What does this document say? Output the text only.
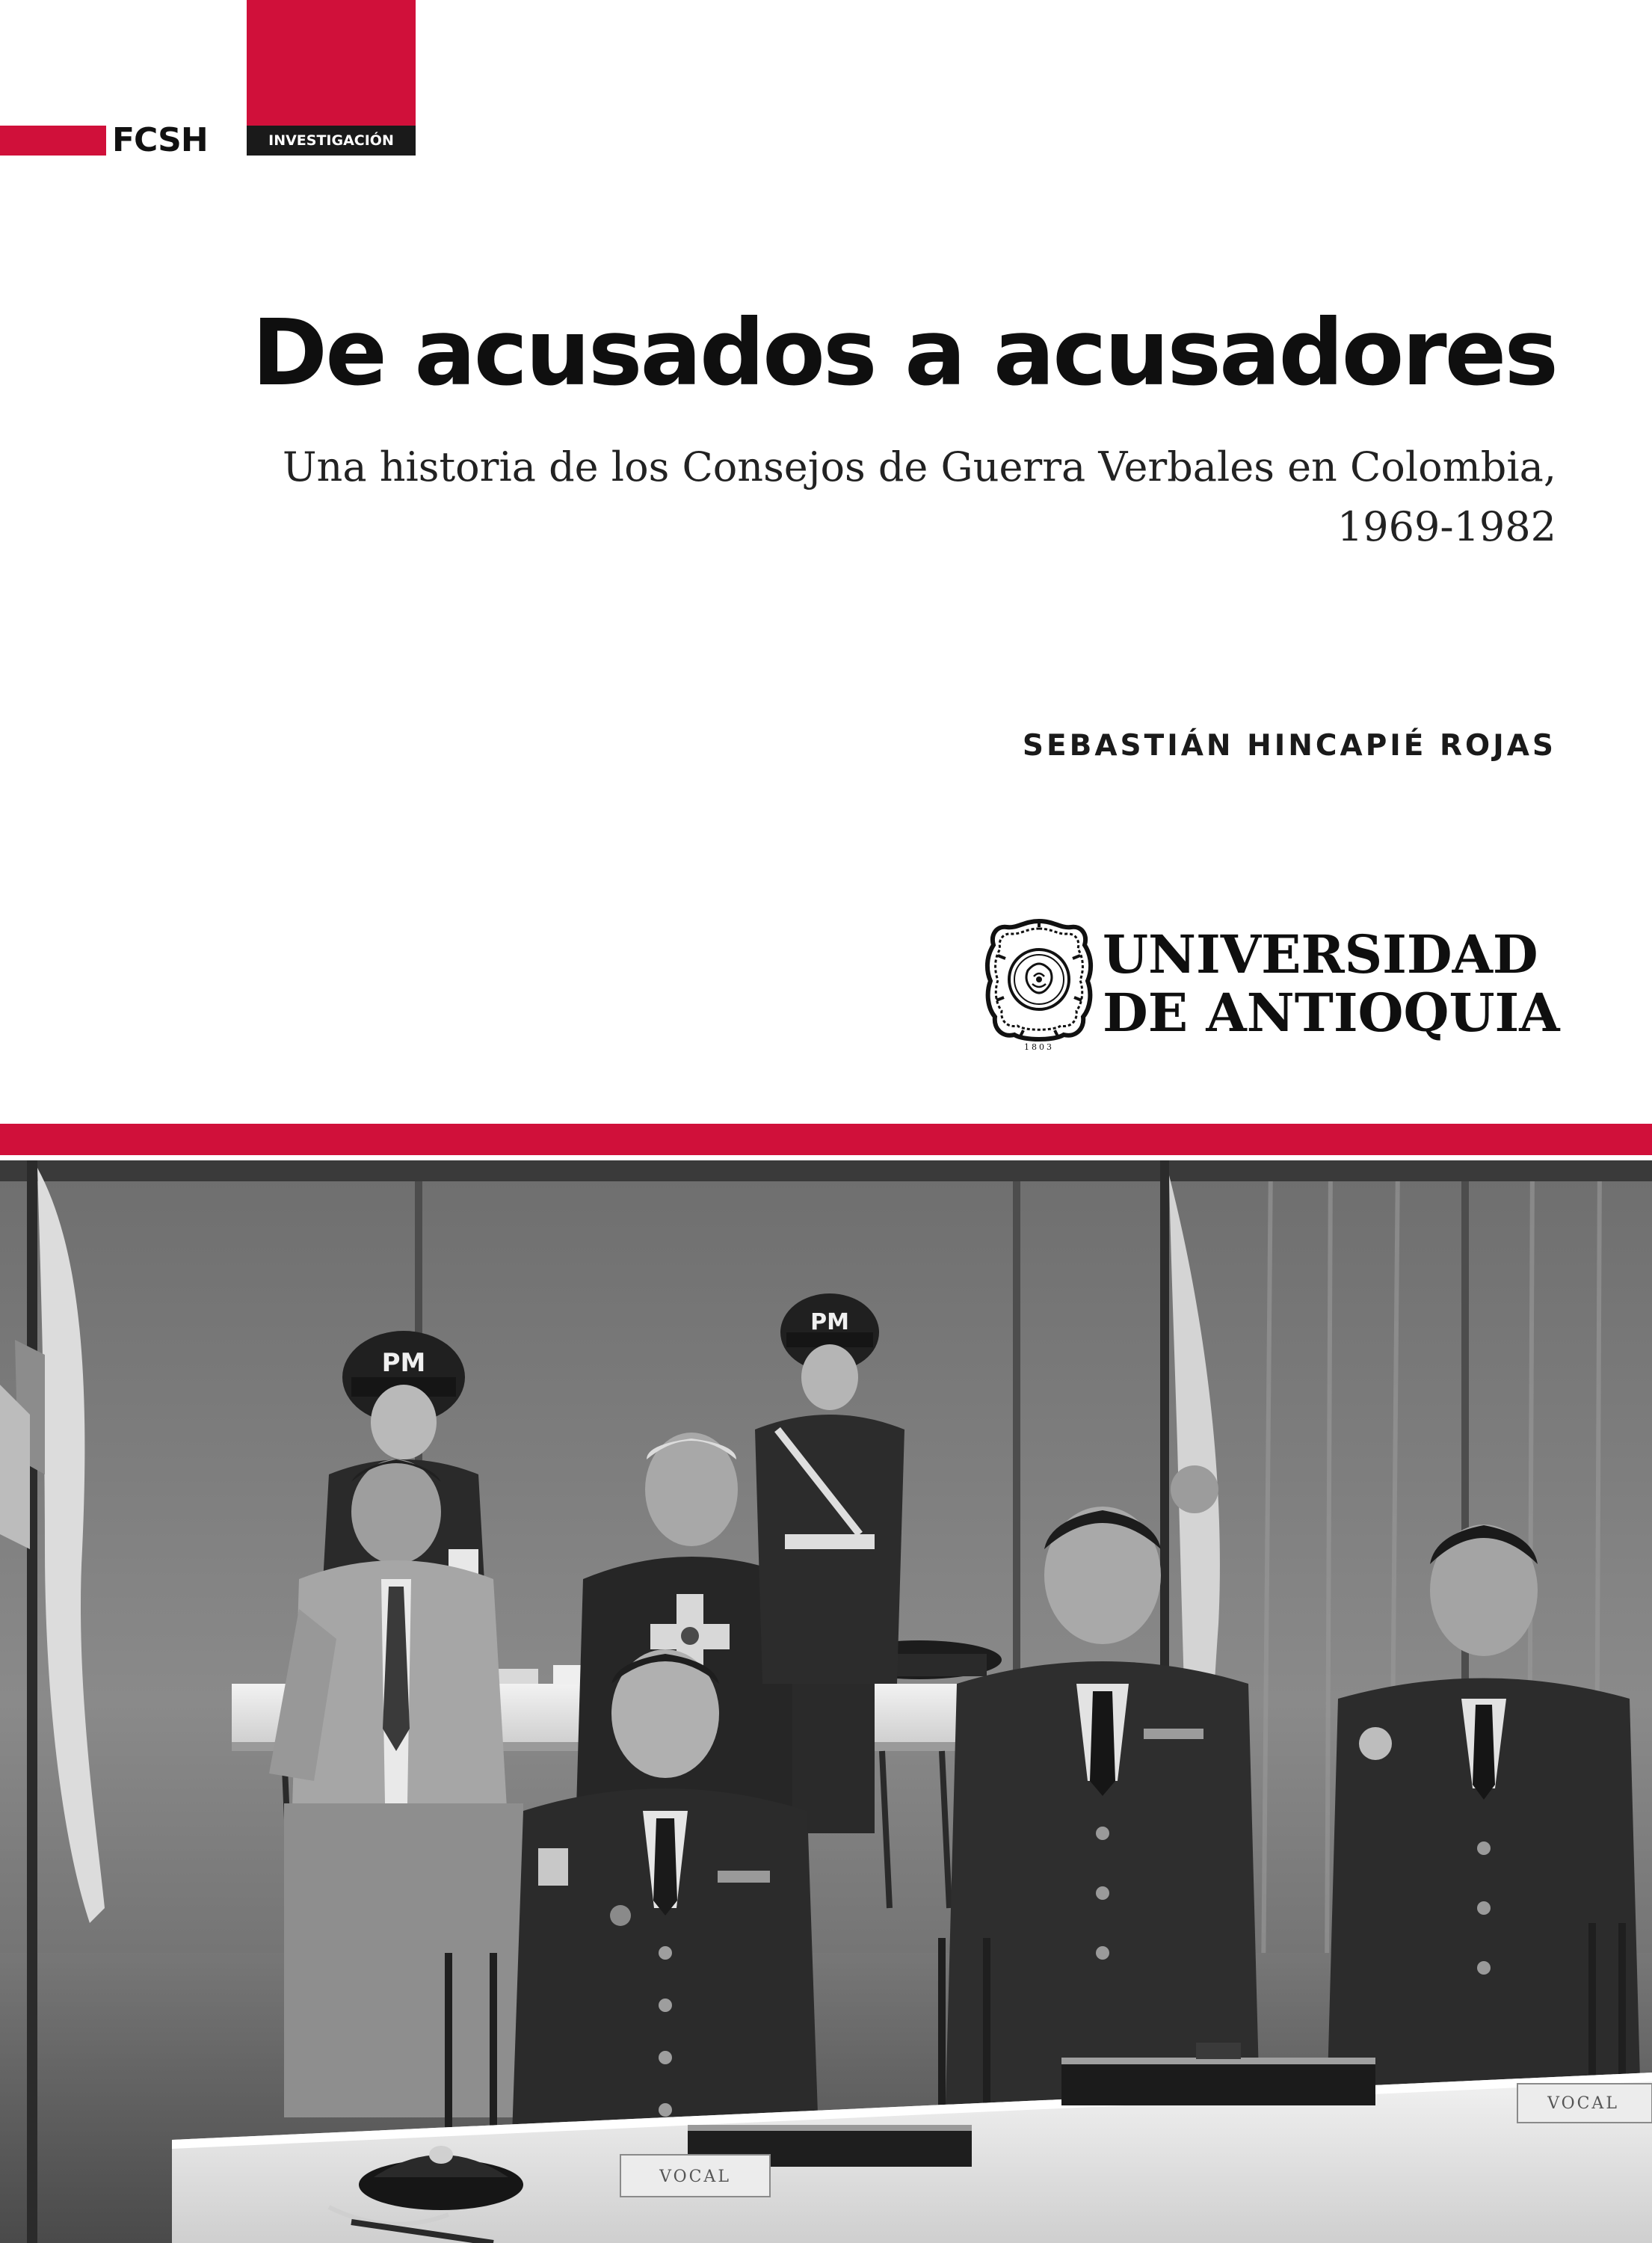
FCSH	INVESTIGACIÓN
De acusados a acusadores
Una historia de los Consejos de Guerra Verbales en Colombia,
1969-1982
SEBASTIÁN HINCAPIÉ ROJAS
1803
UNIVERSIDAD
DE ANTIOQUIA
PM
PM
VOCAL
VOCAL
